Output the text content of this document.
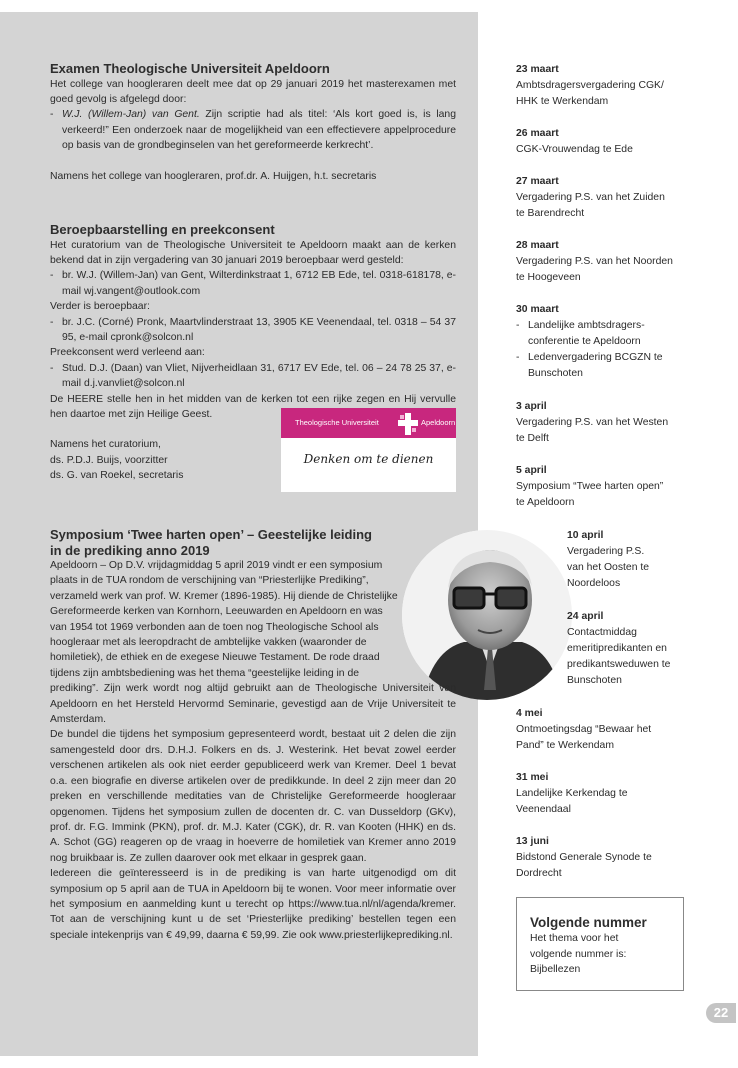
Examen Theologische Universiteit Apeldoorn

Het college van hoogleraren deelt mee dat op 29 januari 2019 het masterexamen met goed gevolg is afgelegd door:

- W.J. (Willem-Jan) van Gent. Zijn scriptie had als titel: ‘Als kort goed is, is lang verkeerd!” Een onderzoek naar de mogelijkheid van een effectievere appelprocedure op basis van de grondbeginselen van het gereformeerde kerkrecht’.

Namens het college van hoogleraren, prof.dr. A. Huijgen, h.t. secretaris

Beroepbaarstelling en preekconsent

Het curatorium van de Theologische Universiteit te Apeldoorn maakt aan de kerken bekend dat in zijn vergadering van 30 januari 2019 beroepbaar werd gesteld:

- br. W.J. (Willem-Jan) van Gent, Wilterdinkstraat 1, 6712 EB Ede, tel. 0318-618178, e-mail wj.vangent@outlook.com

Verder is beroepbaar:

- br. J.C. (Corné) Pronk, Maartvlinderstraat 13, 3905 KE Veenendaal, tel. 0318 – 54 37 95, e-mail cpronk@solcon.nl

Preekconsent werd verleend aan:

- Stud. D.J. (Daan) van Vliet, Nijverheidlaan 31, 6717 EV Ede, tel. 06 – 24 78 25 37, e-mail d.j.vanvliet@solcon.nl

De HEERE stelle hen in het midden van de kerken tot een rijke zegen en Hij vervulle hen daartoe met zijn Heilige Geest.

Namens het curatorium,

ds. P.D.J. Buijs, voorzitter

ds. G. van Roekel, secretaris

Theologische Universiteit	Apeldoorn
Denken om te dienen

Symposium ‘Twee harten open’ – Geestelijke leiding

in de prediking anno 2019

Apeldoorn – Op D.V. vrijdagmiddag 5 april 2019 vindt er een symposium

plaats in de TUA rondom de verschijning van “Priesterlijke Prediking”,

verzameld werk van prof. W. Kremer (1896-1985). Hij diende de Christelijke

Gereformeerde kerken van Kornhorn, Leeuwarden en Apeldoorn en was

van 1954 tot 1969 verbonden aan de toen nog Theologische School als

hoogleraar met als leeropdracht de ambtelijke vakken (waaronder de

homiletiek), de ethiek en de exegese Nieuwe Testament. De rode draad

tijdens zijn ambtsbediening was het thema “geestelijke leiding in de

prediking”. Zijn werk wordt nog altijd gebruikt aan de Theologische Universiteit van Apeldoorn en het Hersteld Hervormd Seminarie, gevestigd aan de Vrije Universiteit te Amsterdam.

De bundel die tijdens het symposium gepresenteerd wordt, bestaat uit 2 delen die zijn samengesteld door drs. D.H.J. Folkers en ds. J. Westerink. Het bevat zowel eerder verschenen artikelen als ook niet eerder gepubliceerd werk van Kremer. Deel 1 bevat o.a. een biografie en diverse artikelen over de predikkunde. In deel 2 zijn meer dan 20 preken en verschillende meditaties van de Christelijke Gereformeerde hoogleraar opgenomen. Tijdens het symposium zullen de docenten dr. C. van Dusseldorp (GKv), prof. dr. F.G. Immink (PKN), prof. dr. M.J. Kater (CGK), dr. R. van Kooten (HHK) en ds. A. Schot (GG) reageren op de vraag in hoeverre de homiletiek van Kremer anno 2019 nog bruikbaar is. Ze zullen daarover ook met elkaar in gesprek gaan.

Iedereen die geïnteresseerd is in de prediking is van harte uitgenodigd om dit symposium op 5 april aan de TUA in Apeldoorn bij te wonen. Voor meer informatie over het symposium en aanmelding kunt u terecht op https://www.tua.nl/nl/agenda/kremer. Tot aan de verschijning kunt u de set ‘Priesterlijke prediking’ bestellen tegen een speciale intekenprijs van € 49,99, daarna € 59,99. Zie ook www.priesterlijkeprediking.nl.

23 maart
Ambtsdragersvergadering CGK/
HHK te Werkendam
26 maart
CGK-Vrouwendag te Ede
27 maart
Vergadering P.S. van het Zuiden
te Barendrecht
28 maart
Vergadering P.S. van het Noorden
te Hoogeveen
30 maart
- Landelijke ambtsdragers-
conferentie te Apeldoorn
- Ledenvergadering BCGZN te
Bunschoten
3 april
Vergadering P.S. van het Westen
te Delft
5 april
Symposium “Twee harten open”
te Apeldoorn
10 april
Vergadering P.S.
van het Oosten te
Noordeloos
24 april
Contactmiddag
emeritipredikanten en
predikantsweduwen te
Bunschoten
4 mei
Ontmoetingsdag “Bewaar het
Pand” te Werkendam
31 mei
Landelijke Kerkendag te
Veenendaal
13 juni
Bidstond Generale Synode te
Dordrecht
Volgende nummer
Het thema voor het
volgende nummer is:
Bijbellezen
22
